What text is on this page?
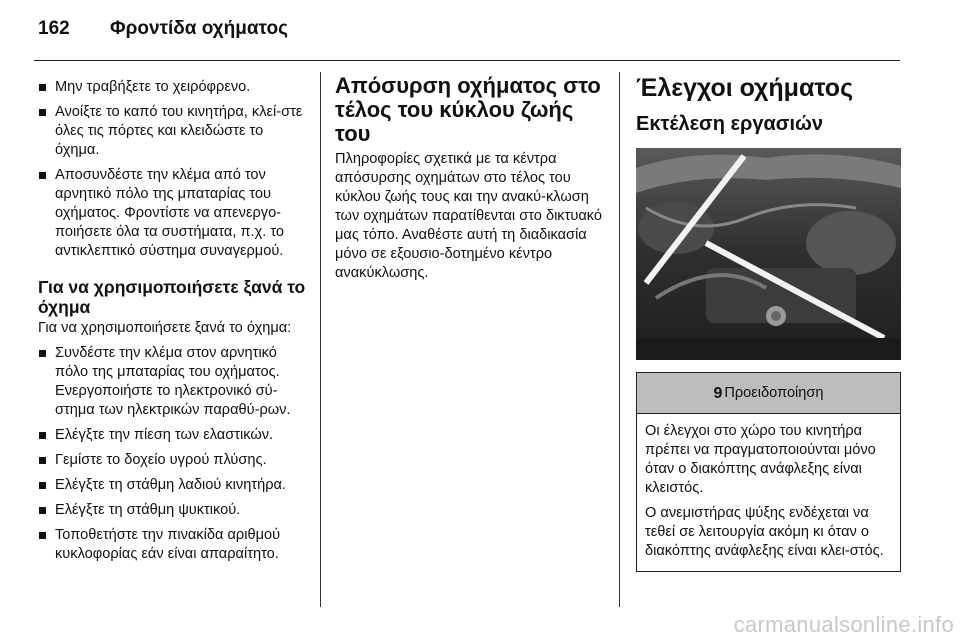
162	Φροντίδα οχήματος
Μην τραβήξετε το χειρόφρενο.
Ανοίξτε το καπό του κινητήρα, κλεί-στε όλες τις πόρτες και κλειδώστε το όχημα.
Αποσυνδέστε την κλέμα από τον αρνητικό πόλο της μπαταρίας του οχήματος. Φροντίστε να απενεργο-ποιήσετε όλα τα συστήματα, π.χ. το αντικλεπτικό σύστημα συναγερμού.
Για να χρησιμοποιήσετε ξανά το όχημα

Για να χρησιμοποιήσετε ξανά το όχημα:

Συνδέστε την κλέμα στον αρνητικό πόλο της μπαταρίας του οχήματος. Ενεργοποιήστε το ηλεκτρονικό σύ-στημα των ηλεκτρικών παραθύ-ρων.
Ελέγξτε την πίεση των ελαστικών.
Γεμίστε το δοχείο υγρού πλύσης.
Ελέγξτε τη στάθμη λαδιού κινητήρα.
Ελέγξτε τη στάθμη ψυκτικού.
Τοποθετήστε την πινακίδα αριθμού κυκλοφορίας εάν είναι απαραίτητο.
Απόσυρση οχήματος στο τέλος του κύκλου ζωής του

Πληροφορίες σχετικά με τα κέντρα απόσυρσης οχημάτων στο τέλος του κύκλου ζωής τους και την ανακύ-κλωση των οχημάτων παρατίθενται στο δικτυακό μας τόπο. Αναθέστε αυτή τη διαδικασία μόνο σε εξουσιο-δοτημένο κέντρο ανακύκλωσης.

Έλεγχοι οχήματος
Εκτέλεση εργασιών
9 Προειδοποίηση

Οι έλεγχοι στο χώρο του κινητήρα πρέπει να πραγματοποιούνται μόνο όταν ο διακόπτης ανάφλεξης είναι κλειστός.

Ο ανεμιστήρας ψύξης ενδέχεται να τεθεί σε λειτουργία ακόμη κι όταν ο διακόπτης ανάφλεξης είναι κλει-στός.

carmanualsonline.info
